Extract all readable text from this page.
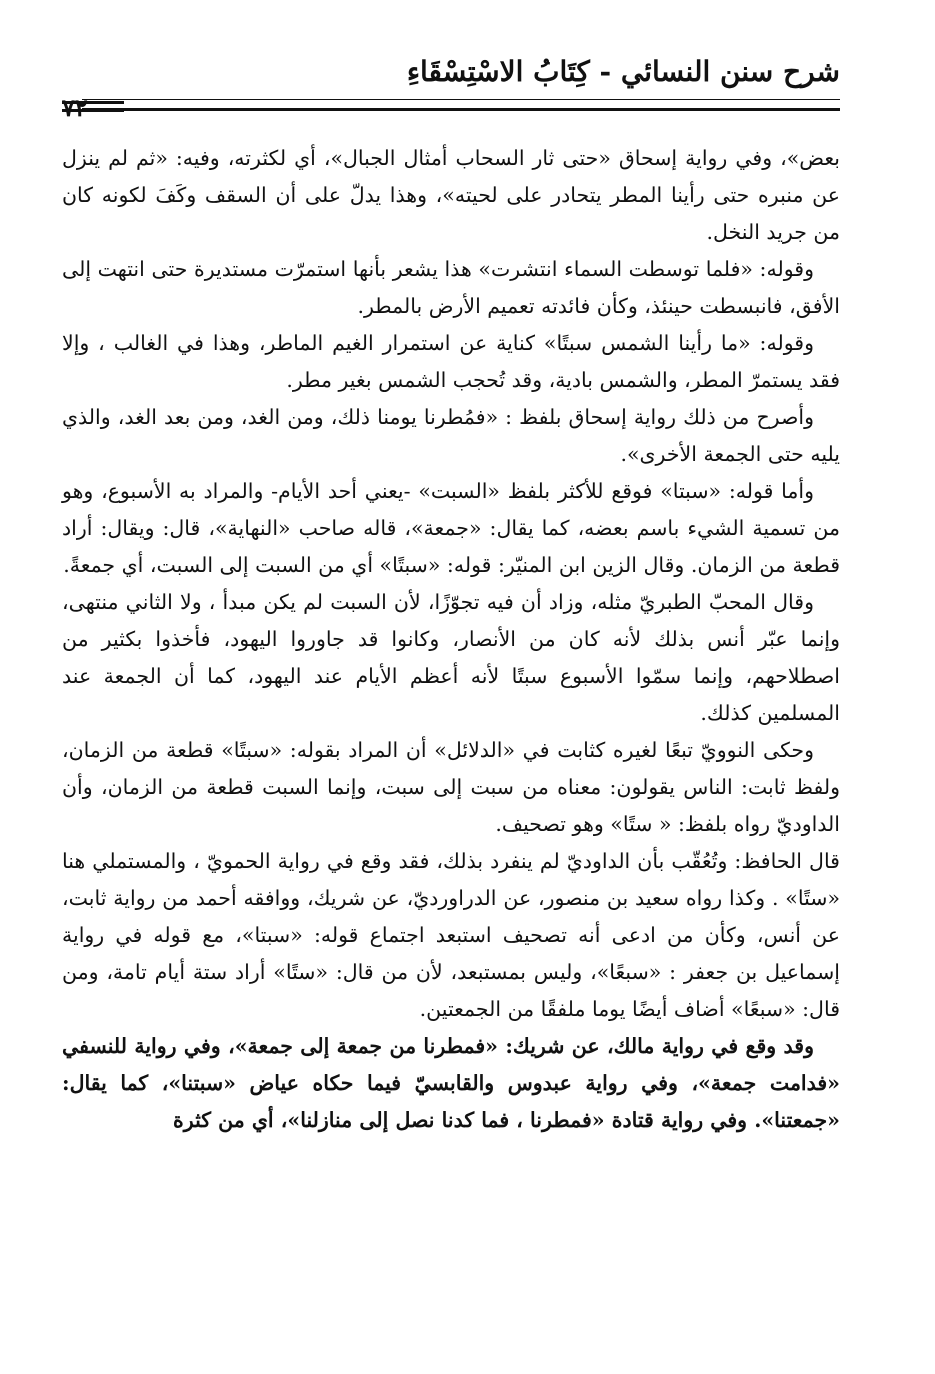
شرح سنن النسائي - كِتَابُ الاسْتِسْقَاءِ
٧٢

بعض»، وفي رواية إسحاق «حتى ثار السحاب أمثال الجبال»، أي لكثرته، وفيه: «ثم لم ينزل عن منبره حتى رأينا المطر يتحادر على لحيته»، وهذا يدلّ على أن السقف وكَفَ لكونه كان من جريد النخل.

وقوله: «فلما توسطت السماء انتشرت» هذا يشعر بأنها استمرّت مستديرة حتى انتهت إلى الأفق، فانبسطت حينئذ، وكأن فائدته تعميم الأرض بالمطر.

وقوله: «ما رأينا الشمس سبتًا» كناية عن استمرار الغيم الماطر، وهذا في الغالب ، وإلا فقد يستمرّ المطر، والشمس بادية، وقد تُحجب الشمس بغير مطر.

وأصرح من ذلك رواية إسحاق بلفظ : «فمُطرنا يومنا ذلك، ومن الغد، ومن بعد الغد، والذي يليه حتى الجمعة الأخرى».

وأما قوله: «سبتا» فوقع للأكثر بلفظ «السبت» -يعني أحد الأيام- والمراد به الأسبوع، وهو من تسمية الشيء باسم بعضه، كما يقال: «جمعة»، قاله صاحب «النهاية»، قال: ويقال: أراد قطعة من الزمان. وقال الزين ابن المنيّر: قوله: «سبتًا» أي من السبت إلى السبت، أي جمعةً.

وقال المحبّ الطبريّ مثله، وزاد أن فيه تجوّزًا، لأن السبت لم يكن مبدأ ، ولا الثاني منتهى، وإنما عبّر أنس بذلك لأنه كان من الأنصار، وكانوا قد جاوروا اليهود، فأخذوا بكثير من اصطلاحهم، وإنما سمّوا الأسبوع سبتًا لأنه أعظم الأيام عند اليهود، كما أن الجمعة عند المسلمين كذلك.

وحكى النوويّ تبعًا لغيره كثابت في «الدلائل» أن المراد بقوله: «سبتًا» قطعة من الزمان، ولفظ ثابت: الناس يقولون: معناه من سبت إلى سبت، وإنما السبت قطعة من الزمان، وأن الداوديّ رواه بلفظ: « ستًا» وهو تصحيف.

قال الحافظ: وتُعُقّب بأن الداوديّ لم ينفرد بذلك، فقد وقع في رواية الحمويّ ، والمستملي هنا «ستًا» . وكذا رواه سعيد بن منصور، عن الدراورديّ، عن شريك، ووافقه أحمد من رواية ثابت، عن أنس، وكأن من ادعى أنه تصحيف استبعد اجتماع قوله: «سبتا»، مع قوله في رواية إسماعيل بن جعفر : «سبعًا»، وليس بمستبعد، لأن من قال: «ستًا» أراد ستة أيام تامة، ومن قال: «سبعًا» أضاف أيضًا يوما ملفقًا من الجمعتين.

وقد وقع في رواية مالك، عن شريك: «فمطرنا من جمعة إلى جمعة»، وفي رواية للنسفي «فدامت جمعة»، وفي رواية عبدوس والقابسيّ فيما حكاه عياض «سبتنا»، كما يقال: «جمعتنا». وفي رواية قتادة «فمطرنا ، فما كدنا نصل إلى منازلنا»، أي من كثرة
